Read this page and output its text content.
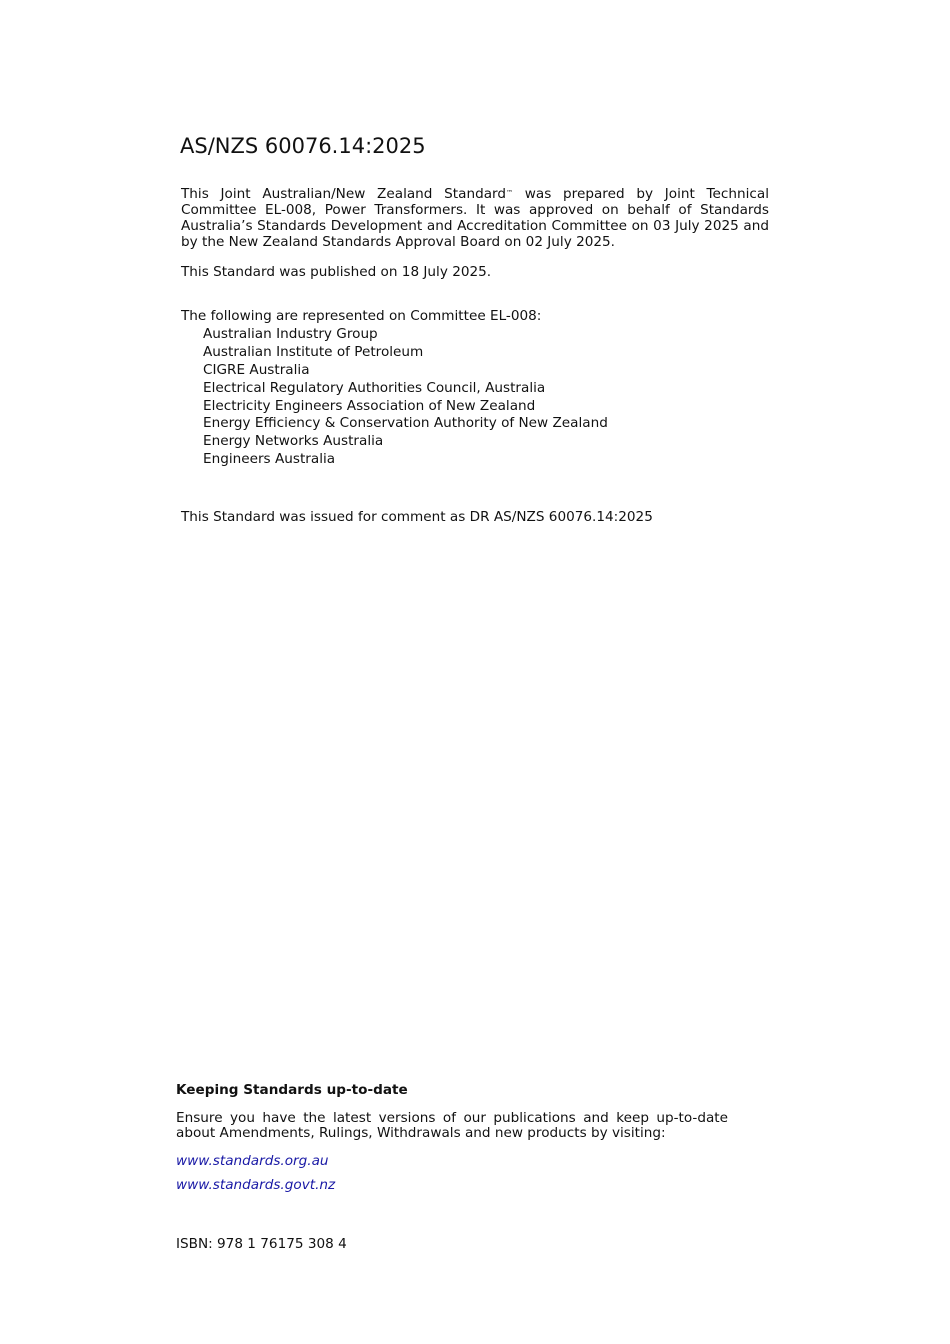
AS/NZS 60076.14:2025

This Joint Australian/New Zealand Standard™ was prepared by Joint Technical Committee EL-008, Power Transformers. It was approved on behalf of Standards Australia’s Standards Development and Accreditation Committee on 03 July 2025 and by the New Zealand Standards Approval Board on 02 July 2025.

This Standard was published on 18 July 2025.

The following are represented on Committee EL-008:
Australian Industry Group
Australian Institute of Petroleum
CIGRE Australia
Electrical Regulatory Authorities Council, Australia
Electricity Engineers Association of New Zealand
Energy Efficiency & Conservation Authority of New Zealand
Energy Networks Australia
Engineers Australia

This Standard was issued for comment as DR AS/NZS 60076.14:2025

Keeping Standards up-to-date

Ensure you have the latest versions of our publications and keep up-to-date about Amendments, Rulings, Withdrawals and new products by visiting:

www.standards.org.au
www.standards.govt.nz

ISBN: 978 1 76175 308 4
